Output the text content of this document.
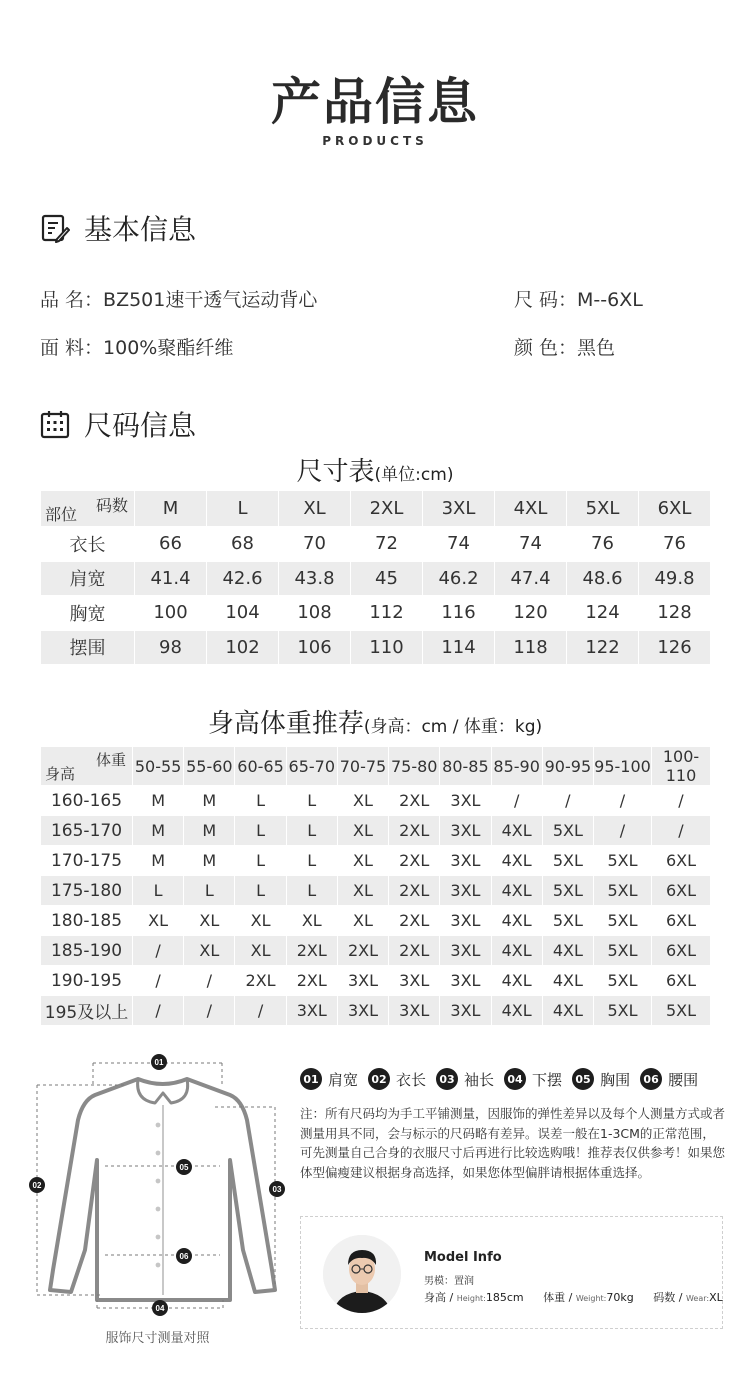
产品信息
PRODUCTS
基本信息
品 名：BZ501速干透气运动背心	尺 码：M--6XL
面 料：100%聚酯纤维	颜 色：黑色
尺码信息
尺寸表(单位:cm)
码数
部位	M	L	XL	2XL	3XL	4XL	5XL	6XL
衣长	66	68	70	72	74	74	76	76
肩宽	41.4	42.6	43.8	45	46.2	47.4	48.6	49.8
胸宽	100	104	108	112	116	120	124	128
摆围	98	102	106	110	114	118	122	126
身高体重推荐(身高：cm / 体重：kg)
体重
身高	50-55	55-60	60-65	65-70	70-75	75-80	80-85	85-90	90-95	95-100	100-110
160-165	M	M	L	L	XL	2XL	3XL	/	/	/	/
165-170	M	M	L	L	XL	2XL	3XL	4XL	5XL	/	/
170-175	M	M	L	L	XL	2XL	3XL	4XL	5XL	5XL	6XL
175-180	L	L	L	L	XL	2XL	3XL	4XL	5XL	5XL	6XL
180-185	XL	XL	XL	XL	XL	2XL	3XL	4XL	5XL	5XL	6XL
185-190	/	XL	XL	2XL	2XL	2XL	3XL	4XL	4XL	5XL	6XL
190-195	/	/	2XL	2XL	3XL	3XL	3XL	4XL	4XL	5XL	6XL
195及以上	/	/	/	3XL	3XL	3XL	3XL	4XL	4XL	5XL	5XL
01
02	03
04
05
06
服饰尺寸测量对照
01 肩宽	02 衣长	03 袖长	04 下摆	05 胸围	06 腰围
注：所有尺码均为手工平铺测量，因服饰的弹性差异以及每个人测量方式或者测量用具不同，会与标示的尺码略有差异。误差一般在1-3CM的正常范围，可先测量自己合身的衣服尺寸后再进行比较选购哦！推荐表仅供参考！如果您体型偏瘦建议根据身高选择，如果您体型偏胖请根据体重选择。
Model Info
男模：置润
身高 / Height:185cm 体重 / Weight:70kg 码数 / Wear:XL
